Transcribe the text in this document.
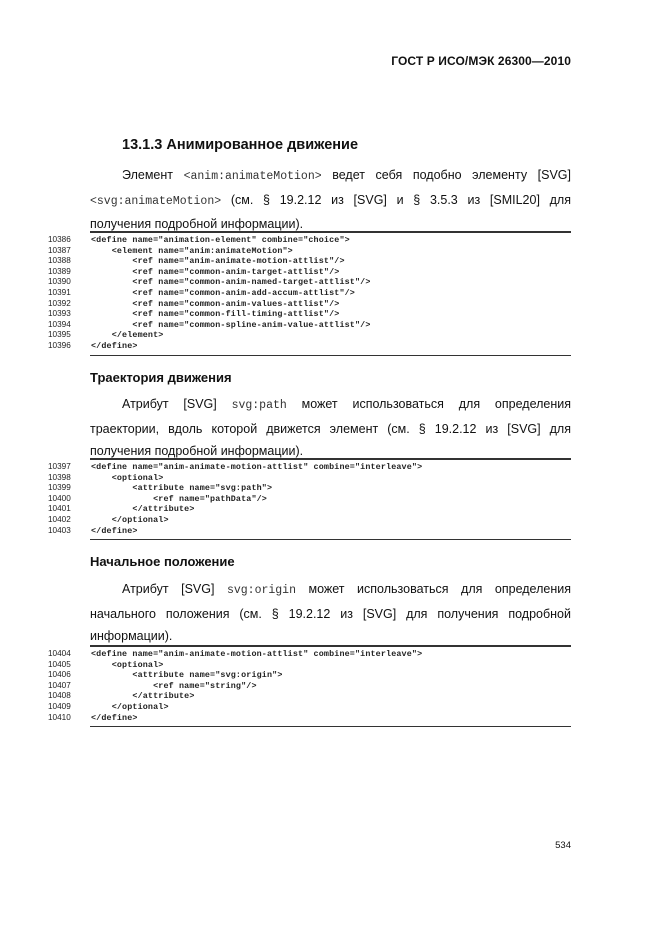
ГОСТ Р ИСО/МЭК 26300—2010
13.1.3 Анимированное движение
Элемент <anim:animateMotion> ведет себя подобно элементу [SVG]
<svg:animateMotion> (см. § 19.2.12 из [SVG] и § 3.5.3 из [SMIL20] для
получения подробной информации).
10386	<define name="animation-element" combine="choice">
10387	<element name="anim:animateMotion">
10388	<ref name="anim-animate-motion-attlist"/>
10389	<ref name="common-anim-target-attlist"/>
10390	<ref name="common-anim-named-target-attlist"/>
10391	<ref name="common-anim-add-accum-attlist"/>
10392	<ref name="common-anim-values-attlist"/>
10393	<ref name="common-fill-timing-attlist"/>
10394	<ref name="common-spline-anim-value-attlist"/>
10395	</element>
10396	</define>
Траектория движения
Атрибут [SVG] svg:path может использоваться для определения
траектории, вдоль которой движется элемент (см. § 19.2.12 из [SVG] для
получения подробной информации).
10397	<define name="anim-animate-motion-attlist" combine="interleave">
10398	<optional>
10399	<attribute name="svg:path">
10400	<ref name="pathData"/>
10401	</attribute>
10402	</optional>
10403	</define>
Начальное положение
Атрибут [SVG] svg:origin может использоваться для определения
начального положения (см. § 19.2.12 из [SVG] для получения подробной
информации).
10404	<define name="anim-animate-motion-attlist" combine="interleave">
10405	<optional>
10406	<attribute name="svg:origin">
10407	<ref name="string"/>
10408	</attribute>
10409	</optional>
10410	</define>
534
